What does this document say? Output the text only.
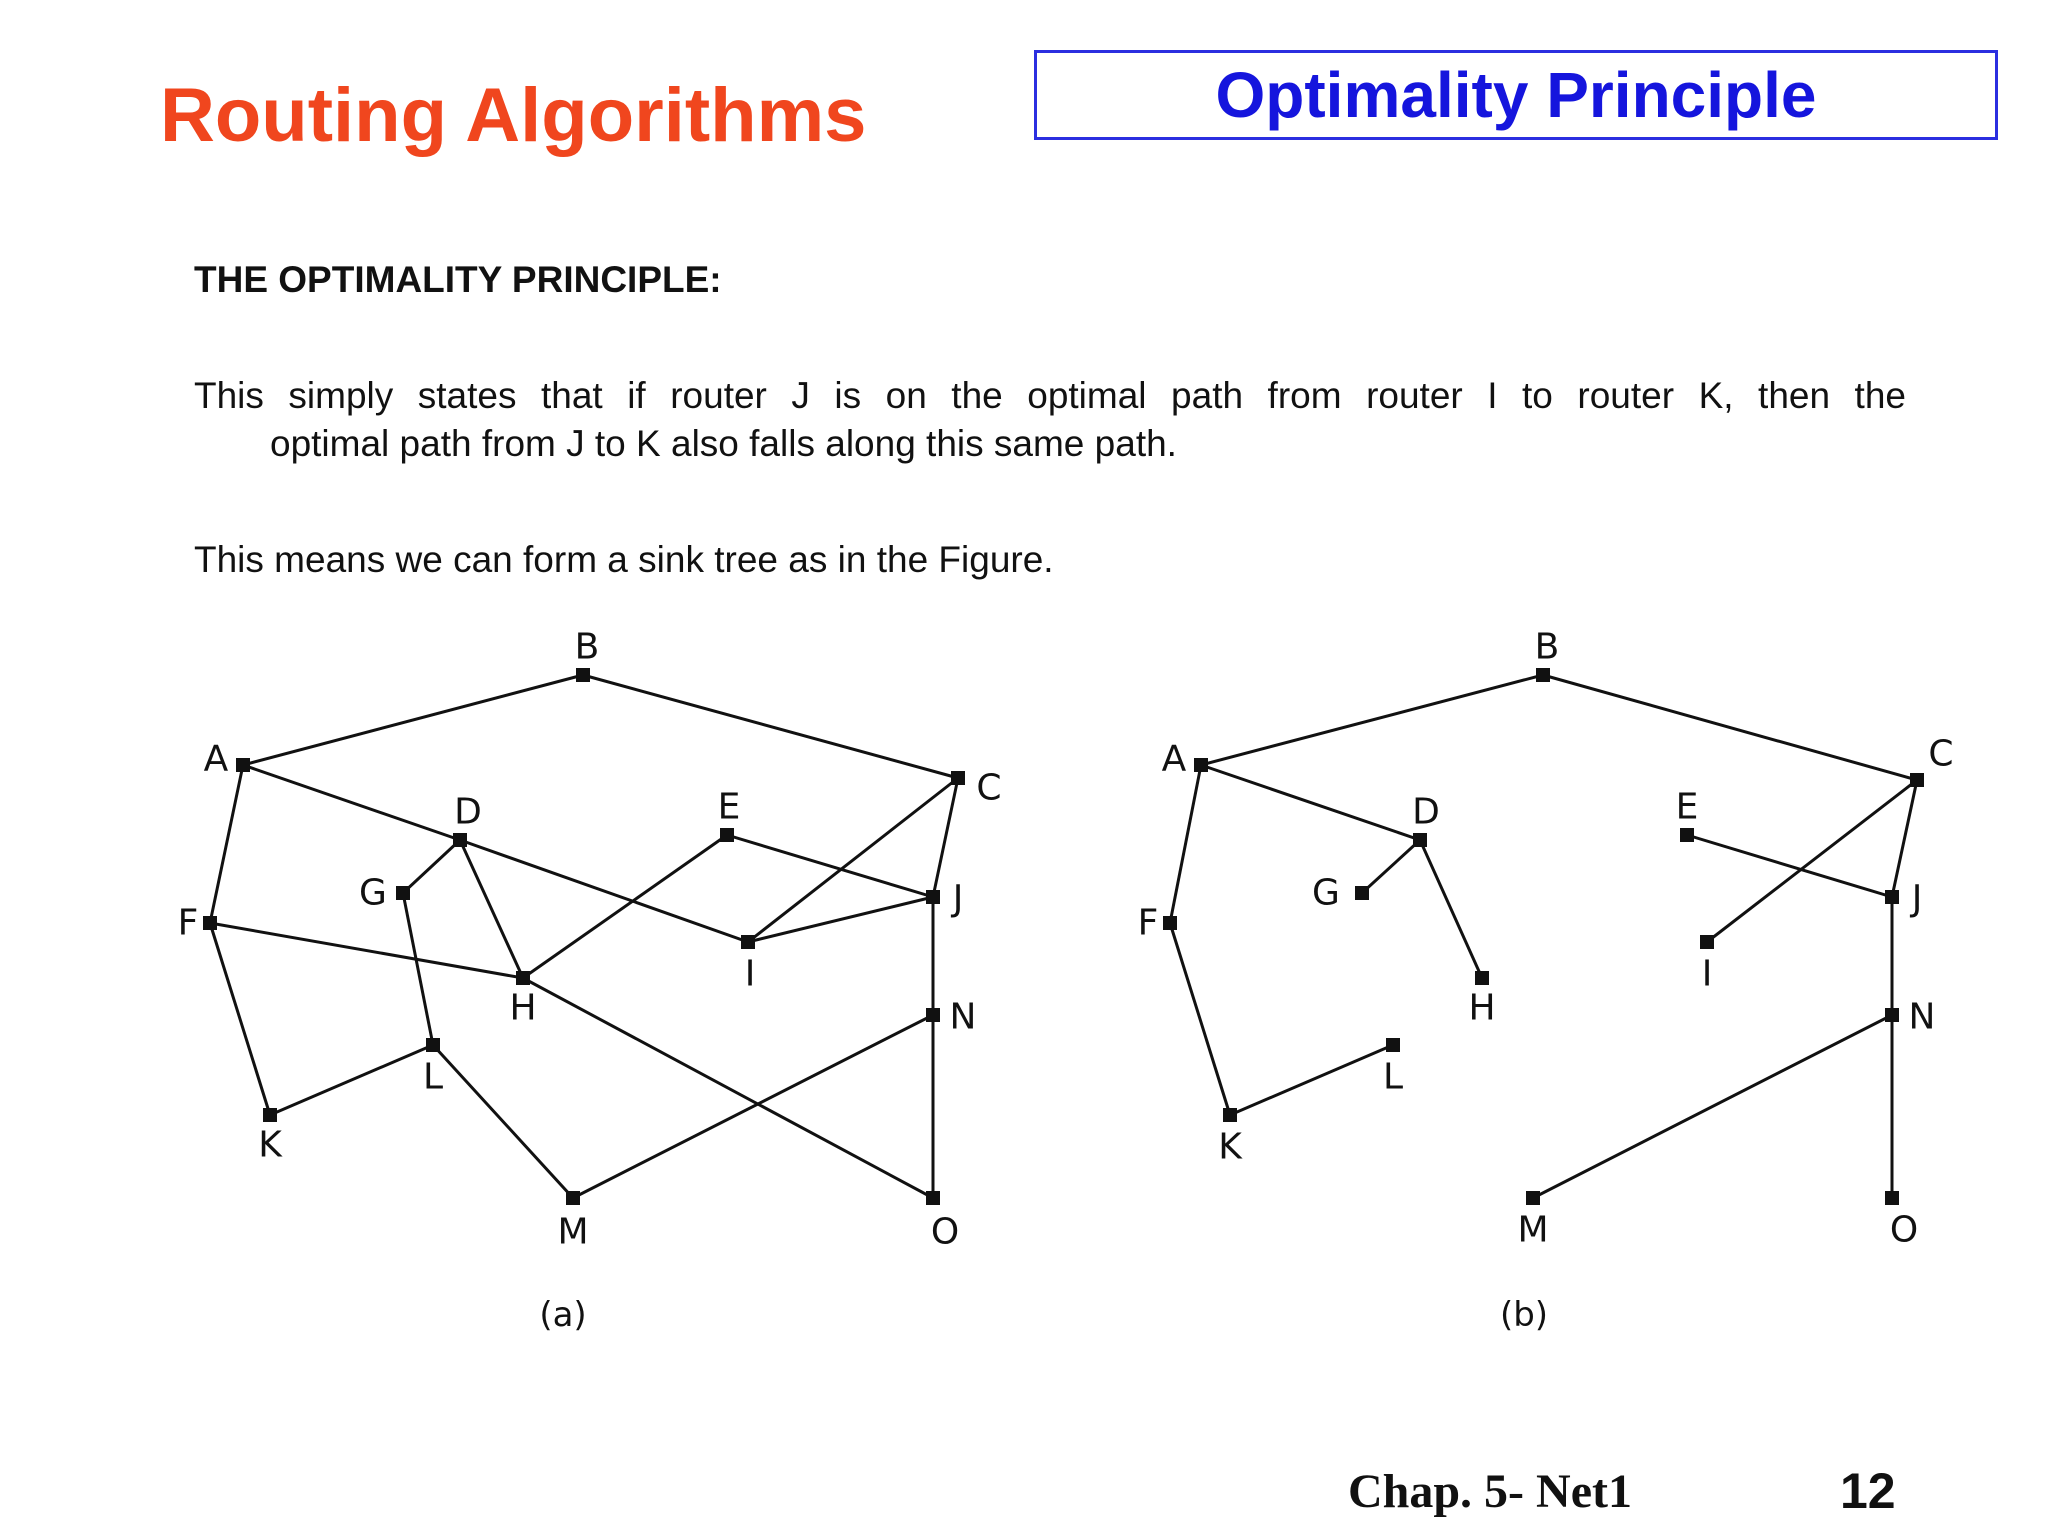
Routing Algorithms	Optimality Principle
THE OPTIMALITY PRINCIPLE:

This simply states that if router J is on the optimal path from router I to router K, then the
optimal path from J to K also falls along this same path.

This means we can form a sink tree as in the Figure.

(a)
A
B
C
D	E
F
G
H
I
J
K
L
M
N
O
(b)
A
B
C
D	E
F
G
H
I
J
K
L
M
N
O

Chap. 5- Net1	12
